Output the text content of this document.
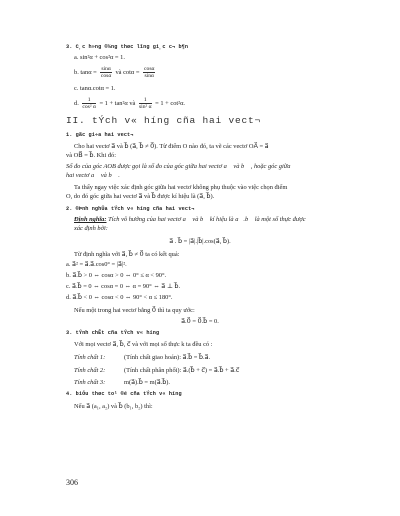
3. C¸c h»ng ®¼ng thøc lîng gi¸c c¬ b¶n
a. sin²α + cos²α = 1.
b. $\tan\alpha = \frac{\sin\alpha}{\cos\alpha}$ và $\cot\alpha = \frac{\cos\alpha}{\sin\alpha}$
c. tanα.cotα = 1.
d. $\frac{1}{\text{cos² α}} = 1 + \tan^2\alpha$ và $\frac{1}{\text{sin² α}} = 1 + \cot^2\alpha$.
II. tÝch v« híng cña hai vect¬
1. gãc gi÷a hai vect¬
Cho hai vectơ a⃗ và b⃗ (a⃗, b⃗ ≠ 0⃗). Từ điểm O nào đó, ta vẽ các vectơ OA⃗ = a⃗
và OB⃗ = b⃗. Khi đó:
Số đo của góc AOB được gọi là số đo của góc giữa hai vectơ a⃗ và b⃗ , hoặc góc giữa
hai vectơ a⃗ và b⃗ .
Ta thấy ngay việc xác định góc giữa hai vectơ không phụ thuộc vào việc chọn điểm
O, do đó góc giữa hai vectơ a⃗ và b⃗ được kí hiệu là (a⃗, b⃗).
2. ®Þnh nghÜa tÝch v« híng cña hai vect¬
Định nghĩa: Tích vô hướng của hai vectơ a⃗ và b⃗ kí hiệu là a⃗.b⃗ là một số thực được
xác định bởi:
a⃗ . b⃗ = |a⃗|.|b⃗|.cos(a⃗, b⃗).
Từ định nghĩa với a⃗, b⃗ ≠ 0⃗ ta có kết quả:
a. a⃗² = a⃗.a⃗.cos0° = |a⃗|².
b. a⃗.b⃗ > 0 ⇔ cosα > 0 ⇔ 0° ≤ α < 90°.
c. a⃗.b⃗ = 0 ⇔ cosα = 0 ⇔ α = 90° ⇔ a⃗ ⊥ b⃗.
d. a⃗.b⃗ < 0 ⇔ cosα < 0 ⇔ 90° < α ≤ 180°.
Nếu một trong hai vectơ bằng 0⃗ thì ta quy ước:
a⃗.0⃗ = 0⃗.b⃗ = 0.
3. tÝnh chÊt cña tÝch v« híng
Với mọi vectơ a⃗, b⃗, c⃗ và với mọi số thực k ta đều có :
Tính chất 1:	(Tính chất giao hoán): a⃗.b⃗ = b⃗.a⃗.
Tính chất 2:	(Tính chất phân phối): a⃗.(b⃗ + c⃗) = a⃗.b⃗ + a⃗.c⃗
Tính chất 3:	m(a⃗).b⃗ = m(a⃗.b⃗).
4. biÓu thøc to¹ ®é cña tÝch v« híng
Nếu a⃗ (a₁, a₂) và b⃗ (b₁, b₂) thì:
306
